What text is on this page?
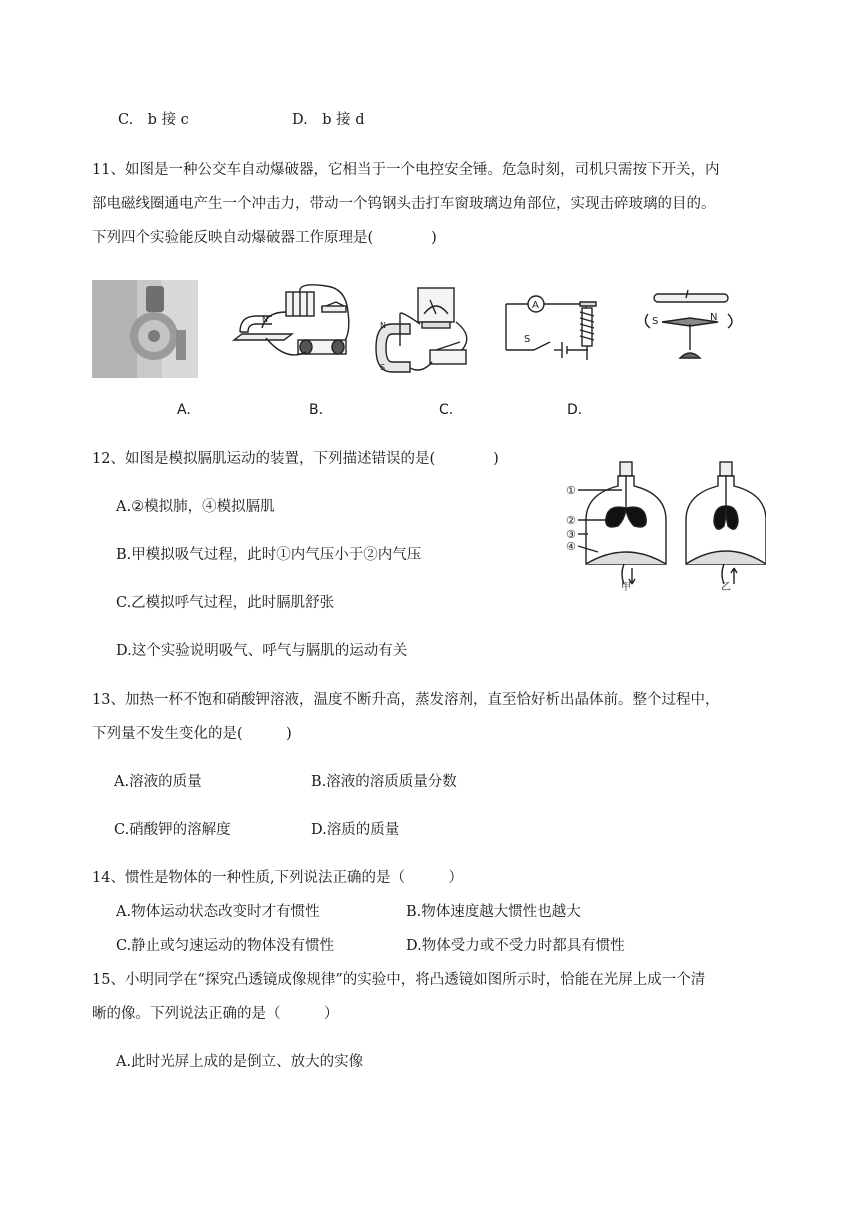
C.　b 接 c	D.　b 接 d
11、如图是一种公交车自动爆破器，它相当于一个电控安全锤。危急时刻，司机只需按下开关，内
部电磁线圈通电产生一个冲击力，带动一个钨钢头击打车窗玻璃边角部位，实现击碎玻璃的目的。
下列四个实验能反映自动爆破器工作原理是(　　　　)
N
N
S
A
S
S	N
A.	B.	C.	D.
12、如图是模拟膈肌运动的装置，下列描述错误的是(　　　　)
A.②模拟肺，④模拟膈肌
B.甲模拟吸气过程，此时①内气压小于②内气压
C.乙模拟呼气过程，此时膈肌舒张
D.这个实验说明吸气、呼气与膈肌的运动有关
①
②
③
④
甲	乙
13、加热一杯不饱和硝酸钾溶液，温度不断升高，蒸发溶剂，直至恰好析出晶体前。整个过程中，
下列量不发生变化的是(　　　)
A.溶液的质量	B.溶液的溶质质量分数
C.硝酸钾的溶解度	D.溶质的质量
14、惯性是物体的一种性质,下列说法正确的是（　　　）
A.物体运动状态改变时才有惯性	B.物体速度越大惯性也越大
C.静止或匀速运动的物体没有惯性	D.物体受力或不受力时都具有惯性
15、小明同学在“探究凸透镜成像规律”的实验中，将凸透镜如图所示时，恰能在光屏上成一个清
晰的像。下列说法正确的是（　　　）
A.此时光屏上成的是倒立、放大的实像
